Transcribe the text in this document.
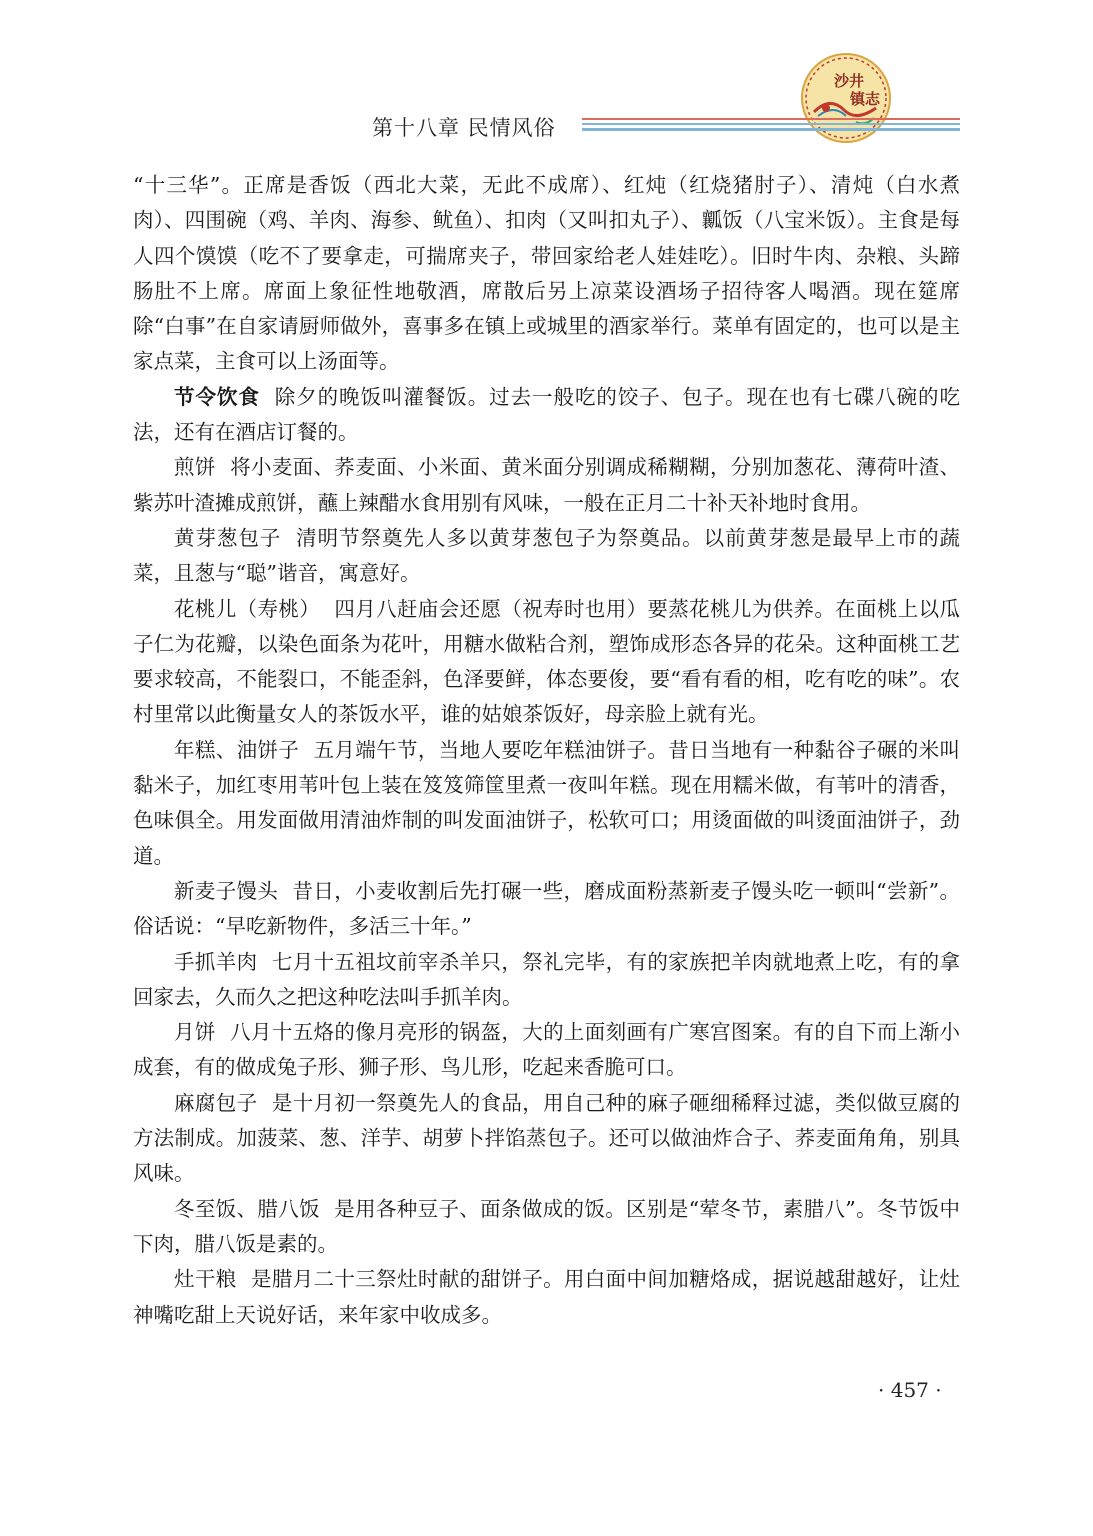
沙井
镇志
第十八章 民情风俗

“十三华”。正席是香饭（西北大菜，无此不成席）、红炖（红烧猪肘子）、清炖（白水煮肉）、四围碗（鸡、羊肉、海参、鱿鱼）、扣肉（又叫扣丸子）、瓤饭（八宝米饭）。主食是每人四个馍馍（吃不了要拿走，可揣席夹子，带回家给老人娃娃吃）。旧时牛肉、杂粮、头蹄肠肚不上席。席面上象征性地敬酒，席散后另上凉菜设酒场子招待客人喝酒。现在筵席除“白事”在自家请厨师做外，喜事多在镇上或城里的酒家举行。菜单有固定的，也可以是主家点菜，主食可以上汤面等。

节令饮食 除夕的晚饭叫灌餐饭。过去一般吃的饺子、包子。现在也有七碟八碗的吃法，还有在酒店订餐的。

煎饼 将小麦面、荞麦面、小米面、黄米面分别调成稀糊糊，分别加葱花、薄荷叶渣、紫苏叶渣摊成煎饼，蘸上辣醋水食用别有风味，一般在正月二十补天补地时食用。

黄芽葱包子 清明节祭奠先人多以黄芽葱包子为祭奠品。以前黄芽葱是最早上市的蔬菜，且葱与“聪”谐音，寓意好。

花桃儿（寿桃） 四月八赶庙会还愿（祝寿时也用）要蒸花桃儿为供养。在面桃上以瓜子仁为花瓣，以染色面条为花叶，用糖水做粘合剂，塑饰成形态各异的花朵。这种面桃工艺要求较高，不能裂口，不能歪斜，色泽要鲜，体态要俊，要“看有看的相，吃有吃的味”。农村里常以此衡量女人的茶饭水平，谁的姑娘茶饭好，母亲脸上就有光。

年糕、油饼子 五月端午节，当地人要吃年糕油饼子。昔日当地有一种黏谷子碾的米叫黏米子，加红枣用苇叶包上装在笈笈筛筐里煮一夜叫年糕。现在用糯米做，有苇叶的清香，色味俱全。用发面做用清油炸制的叫发面油饼子，松软可口；用烫面做的叫烫面油饼子，劲道。

新麦子馒头 昔日，小麦收割后先打碾一些，磨成面粉蒸新麦子馒头吃一顿叫“尝新”。俗话说：“早吃新物件，多活三十年。”

手抓羊肉 七月十五祖坟前宰杀羊只，祭礼完毕，有的家族把羊肉就地煮上吃，有的拿回家去，久而久之把这种吃法叫手抓羊肉。

月饼 八月十五烙的像月亮形的锅盔，大的上面刻画有广寒宫图案。有的自下而上渐小成套，有的做成兔子形、狮子形、鸟儿形，吃起来香脆可口。

麻腐包子 是十月初一祭奠先人的食品，用自己种的麻子砸细稀释过滤，类似做豆腐的方法制成。加菠菜、葱、洋芋、胡萝卜拌馅蒸包子。还可以做油炸合子、荞麦面角角，别具风味。

冬至饭、腊八饭 是用各种豆子、面条做成的饭。区别是“荤冬节，素腊八”。冬节饭中下肉，腊八饭是素的。

灶干粮 是腊月二十三祭灶时献的甜饼子。用白面中间加糖烙成，据说越甜越好，让灶神嘴吃甜上天说好话，来年家中收成多。

· 457 ·
